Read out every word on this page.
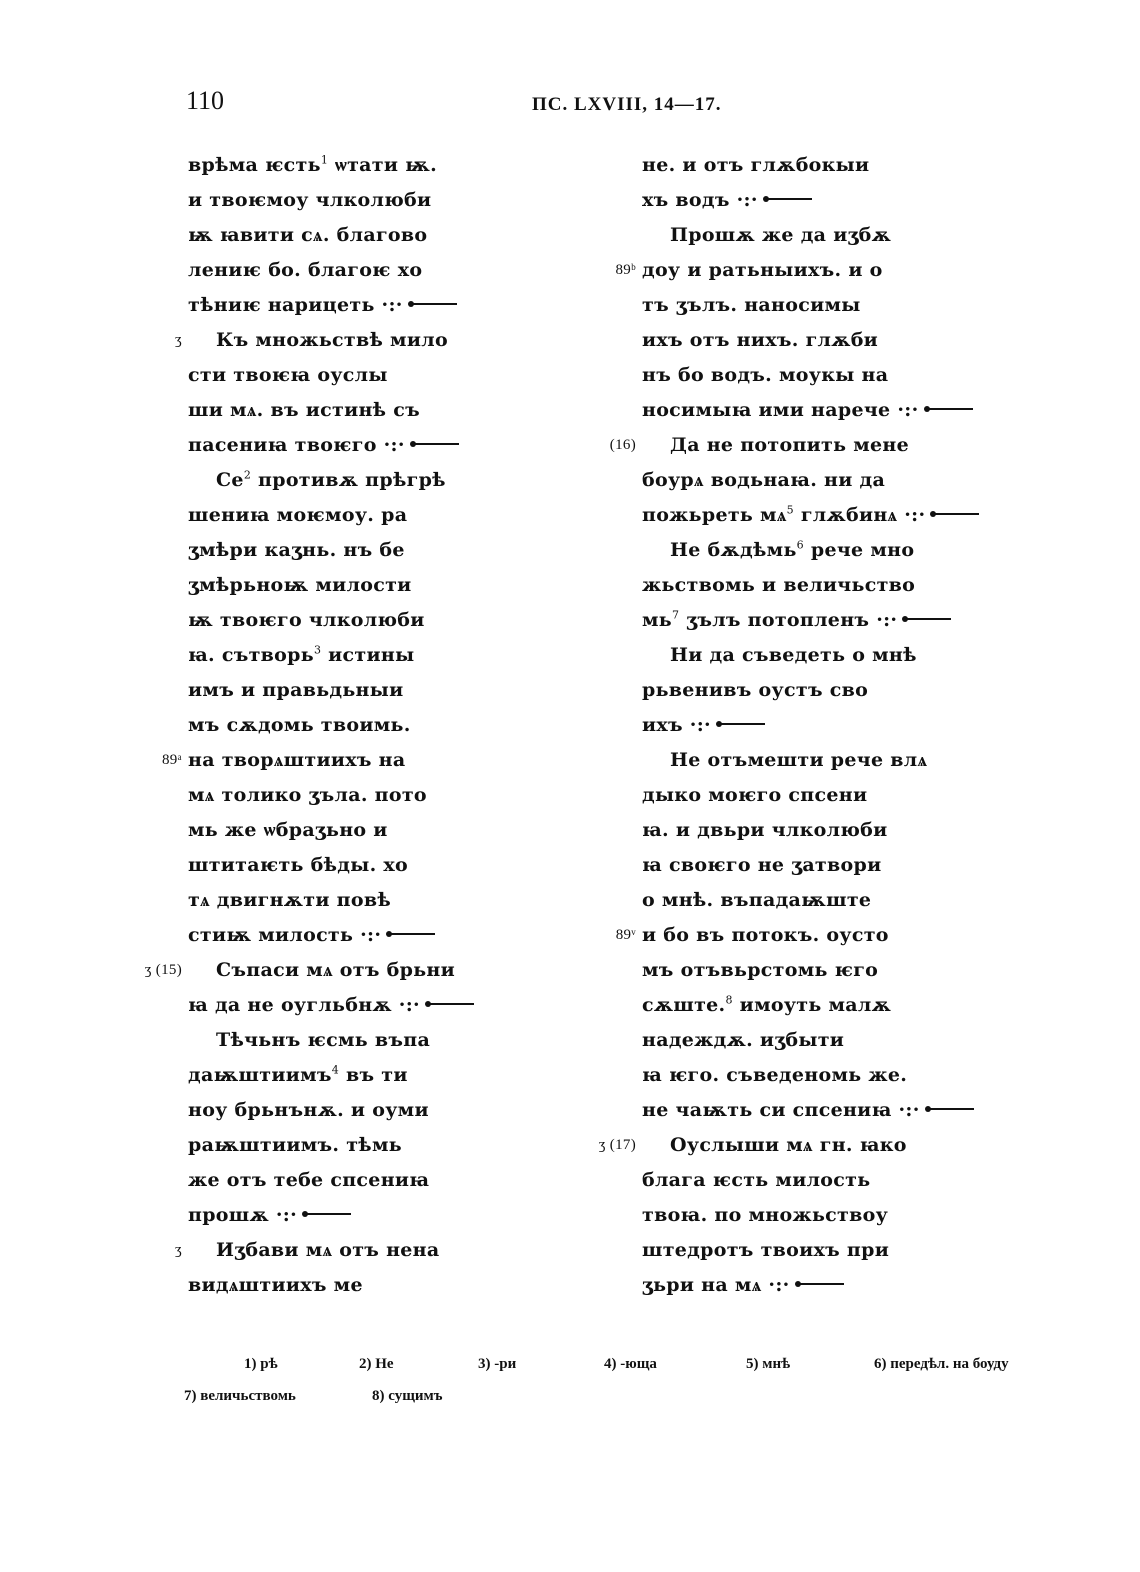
110	ПС. LXVIII, 14—17.
врѣма ѥсть$^1$ ѡтати ѭ.
и твоѥмоу члколюби
ѭ ꙗвити сѧ. благово
лениѥ бо. благоѥ хо
тѣниѥ нарицеть ·:·
ʒ Къ множьствѣ мило
сти твоѥꙗ оуслы
ши мѧ. въ истинѣ съ
пасениꙗ твоѥго ·:·
$Се^2$ противѫ прѣгрѣ
шениꙗ моѥмоу. ра
ʒмѣри каʒнь. нъ бе
ʒмѣрьноѭ милости
ѭ твоѥго члколюби
ꙗ. сътворь$^3$ истины
имъ и правьдьныи
мъ сѫдомь твоимь.
89ᵃ на творѧштиихъ на
мѧ толико ʒъла. пото
мь же ѡбраʒьно и
штитаѥть бѣды. хо
тѧ двигнѫти повѣ
стиѭ милость ·:·
ʒ (15) Съпаси мѧ отъ брьни
ꙗ да не оугльбнѫ ·:·
Тѣчьнъ ѥсмь въпа
даѭштиимъ$^4$ въ ти
ноу брьнънѫ. и оуми
раѭштиимъ. тѣмь
же отъ тебе спсениꙗ
прошѫ ·:·
ʒ Иʒбави мѧ отъ нена
видѧштиихъ ме
не. и отъ глѫбокыи
хъ водъ ·:·
Прошѫ же да иʒбѫ
89ᵇ доу и ратьныихъ. и о
тъ ʒълъ. наносимы
ихъ отъ нихъ. глѫби
нъ бо водъ. моукы на
носимыꙗ ими нарече ·:·
(16) Да не потопить мене
боурѧ водьнаꙗ. ни да
пожьреть $мѧ^5$ глѫбинѧ ·:·
Не бѫдѣмь$^6$ рече мно
жьствомь и величьство
$мь^7$ ʒълъ потопленъ ·:·
Ни да съведеть о мнѣ
рьвенивъ оустъ сво
ихъ ·:·
Не отъмешти рече влѧ
дыко моѥго спсени
ꙗ. и двьри члколюби
ꙗ своѥго не ʒатвори
о мнѣ. въпадаѭште
89ᵛ и бо въ потокъ. оусто
мъ отъвьрстомь ѥго
сѫште.$^8$ имоуть малѫ
надеждѫ. иʒбыти
ꙗ ѥго. съведеномь же.
не чаѭть си спсениꙗ ·:·
ʒ (17) Оуслыши мѧ гн. ꙗко
блага ѥсть милость
твоꙗ. по множьствоу
штедротъ твоихъ при
ʒьри на мѧ ·:·
1) рѣ	2) Не	3) -ри	4) -юща	5) мнѣ	6) передѣл. на боуду
7) величьствомь	8) сущимъ
